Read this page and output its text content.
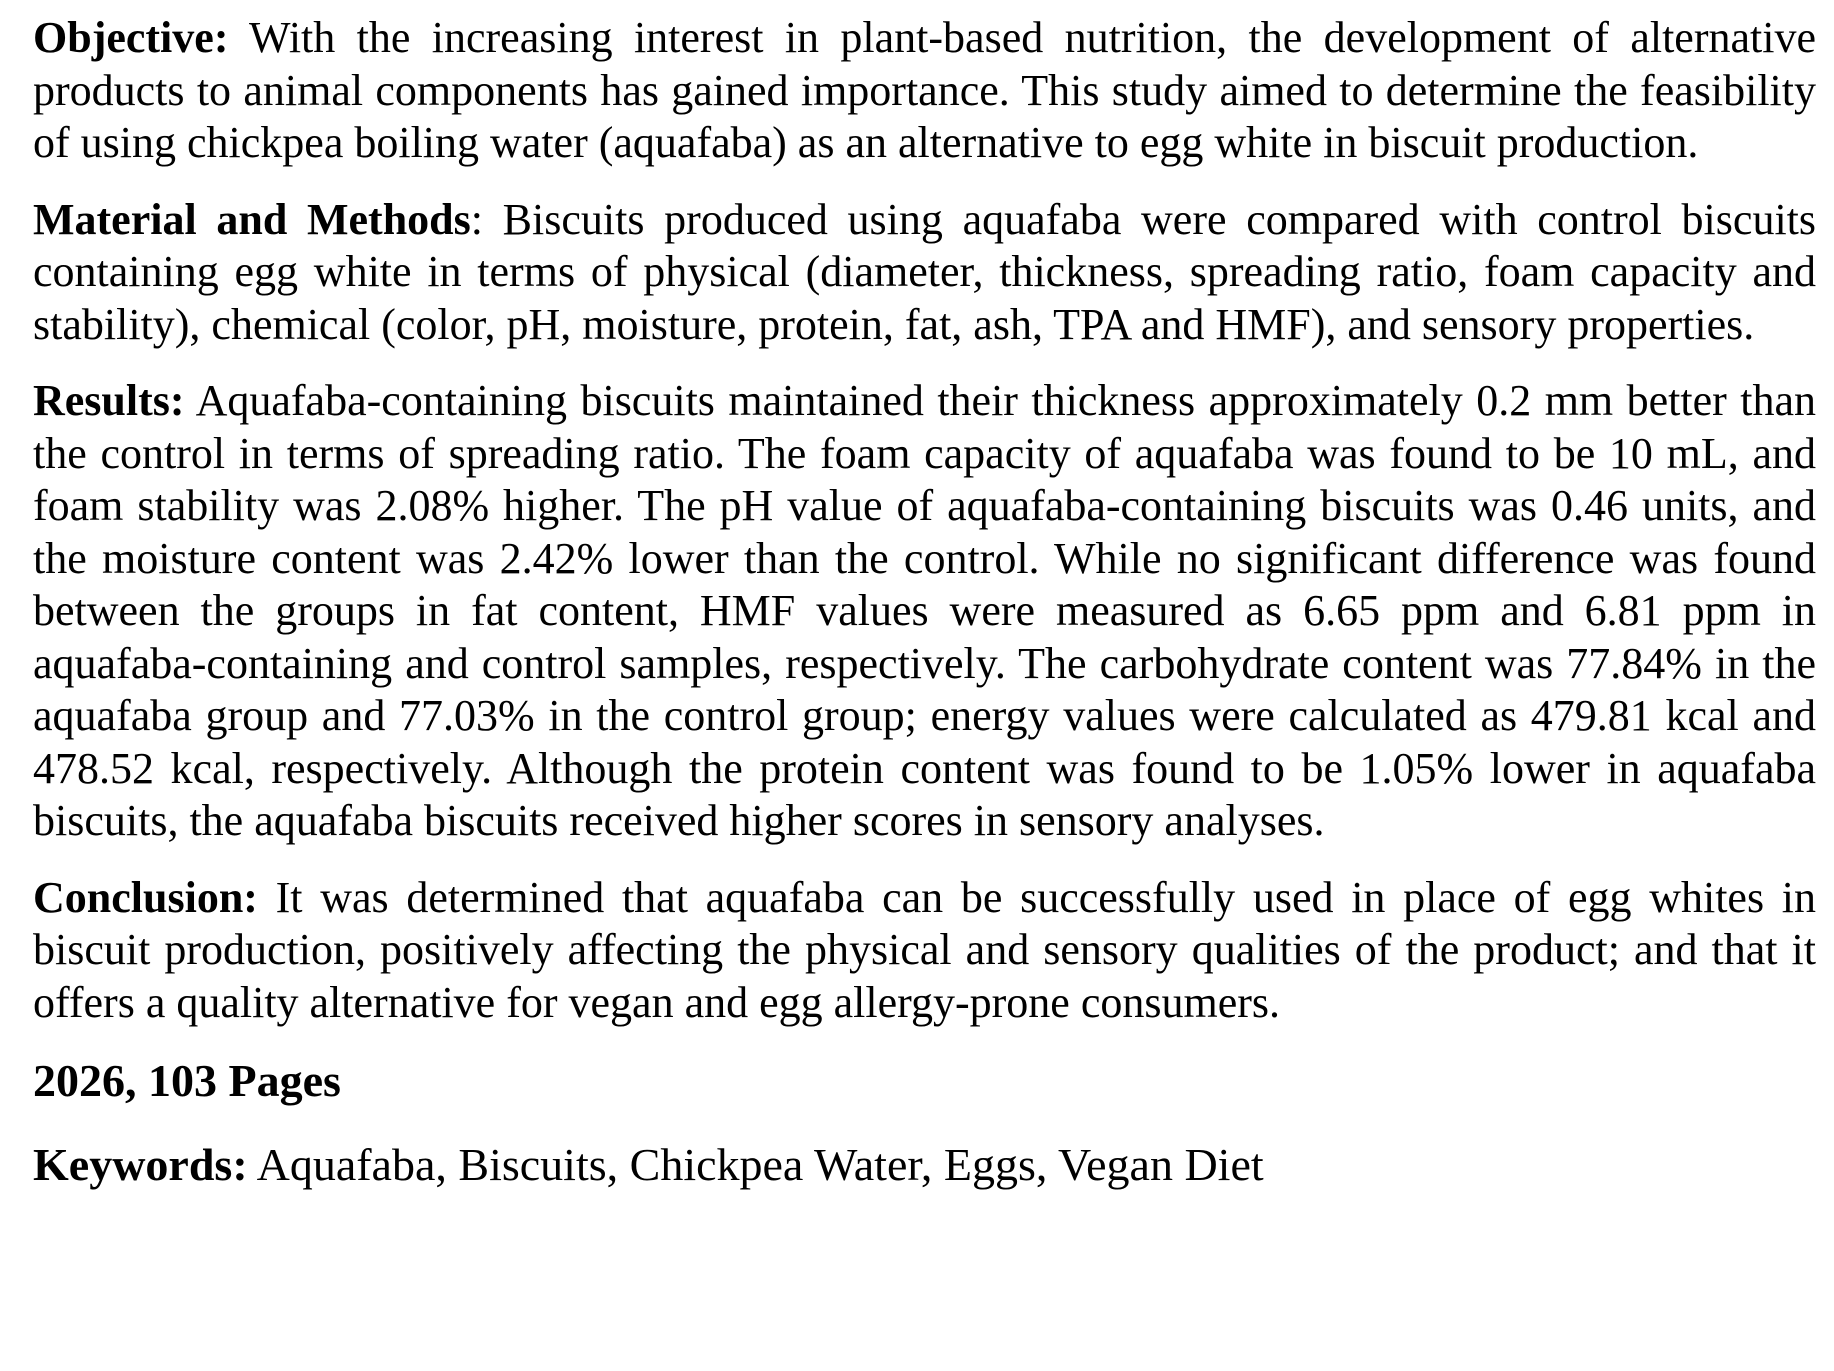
Objective: With the increasing interest in plant-based nutrition, the development of alternative products to animal components has gained importance. This study aimed to determine the feasibility of using chickpea boiling water (aquafaba) as an alternative to egg white in biscuit production.

Material and Methods: Biscuits produced using aquafaba were compared with control biscuits containing egg white in terms of physical (diameter, thickness, spreading ratio, foam capacity and stability), chemical (color, pH, moisture, protein, fat, ash, TPA and HMF), and sensory properties.

Results: Aquafaba-containing biscuits maintained their thickness approximately 0.2 mm better than the control in terms of spreading ratio. The foam capacity of aquafaba was found to be 10 mL, and foam stability was 2.08% higher. The pH value of aquafaba-containing biscuits was 0.46 units, and the moisture content was 2.42% lower than the control. While no significant difference was found between the groups in fat content, HMF values were measured as 6.65 ppm and 6.81 ppm in aquafaba-containing and control samples, respectively. The carbohydrate content was 77.84% in the aquafaba group and 77.03% in the control group; energy values were calculated as 479.81 kcal and 478.52 kcal, respectively. Although the protein content was found to be 1.05% lower in aquafaba biscuits, the aquafaba biscuits received higher scores in sensory analyses.

Conclusion: It was determined that aquafaba can be successfully used in place of egg whites in biscuit production, positively affecting the physical and sensory qualities of the product; and that it offers a quality alternative for vegan and egg allergy-prone consumers.

2026, 103 Pages

Keywords: Aquafaba, Biscuits, Chickpea Water, Eggs, Vegan Diet
